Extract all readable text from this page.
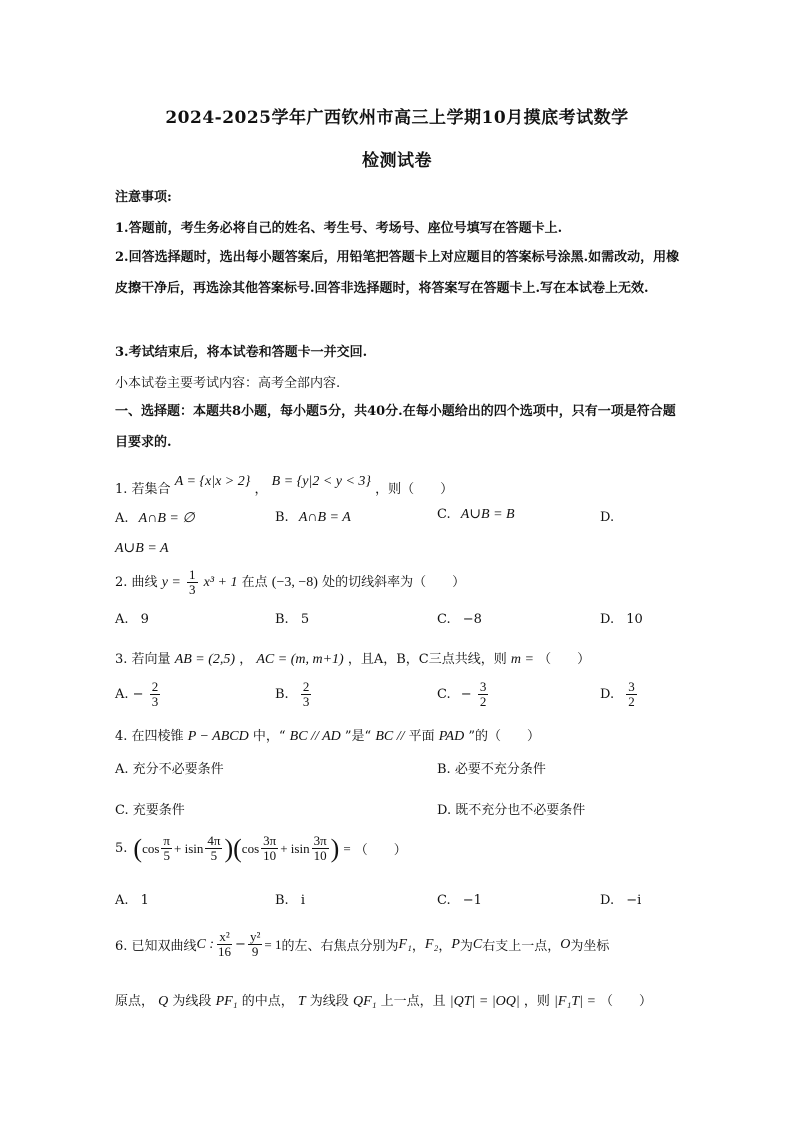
2024-2025学年广西钦州市高三上学期10月摸底考试数学
检测试卷
注意事项:
1.答题前，考生务必将自己的姓名、考生号、考场号、座位号填写在答题卡上.
2.回答选择题时，选出每小题答案后，用铅笔把答题卡上对应题目的答案标号涂黑.如需改动，用橡皮擦干净后，再选涂其他答案标号.回答非选择题时，将答案写在答题卡上.写在本试卷上无效.
3.考试结束后，将本试卷和答题卡一并交回.
小本试卷主要考试内容：高考全部内容.
一、选择题：本题共8小题，每小题5分，共40分.在每小题给出的四个选项中，只有一项是符合题目要求的.
1. 若集合 A = {x|x > 2} ， B = {y|2 < y < 3} ，则（　　）
A. A∩B = ∅	B. A∩B = A	C. A∪B = B	D.
A∪B = A
2. 曲线 $y = \frac{1}{3} x^3 + 1$ 在点 (−3, −8) 处的切线斜率为（　　）
A. 9	B. 5	C. −8	D. 10
3. 若向量 AB = (2,5) ， AC = (m, m+1) ，且A，B，C三点共线，则 m = （　　）
A. − $\frac{2}{3}$	B. $\frac{2}{3}$	C. − $\frac{3}{2}$	D. $\frac{3}{2}$
4. 在四棱锥 P − ABCD 中，“ BC // AD ”是“ BC // 平面 PAD ”的（　　）
A. 充分不必要条件	B. 必要不充分条件
C. 充要条件	D. 既不充分也不必要条件
5. ( $\cos \frac{\pi}{5} + isin \frac{4\pi}{5}$ ) ( $\cos \frac{3\pi}{10} + isin \frac{3\pi}{10}$ ) = （　　）
A. 1	B. i	C. −1	D. −i
6. 已知双曲线 C : $\frac{\text{x²}}{16} - \frac{\text{y²}}{9} = 1$ 的左、右焦点分别为 F₁ ， F₂ ， P 为 C 右支上一点， O 为坐标
原点， Q 为线段 PF₁ 的中点， T 为线段 QF₁ 上一点，且 |QT| = |OQ| ，则 |F₁T| = （　　）
